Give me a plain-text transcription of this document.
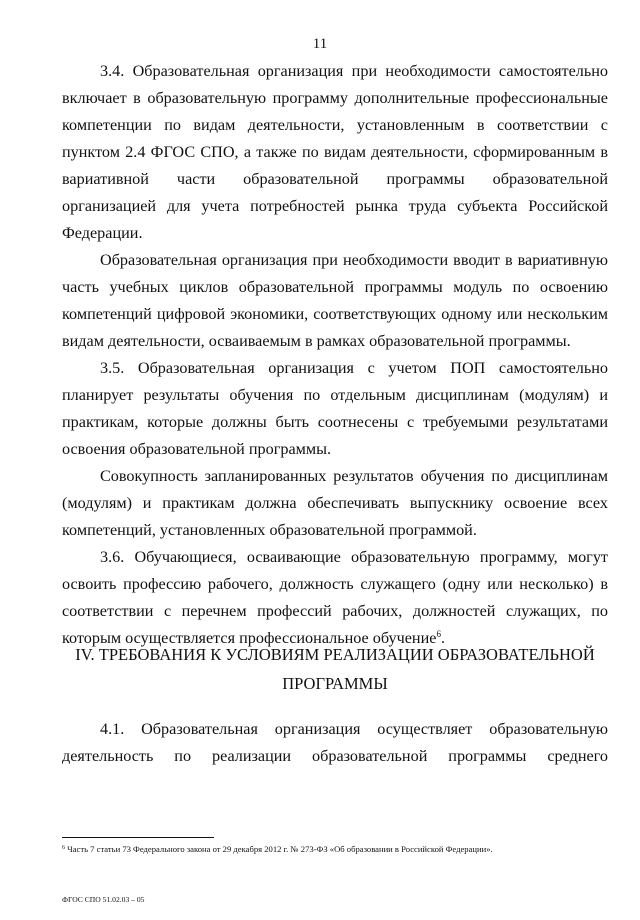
11

3.4. Образовательная организация при необходимости самостоятельно включает в образовательную программу дополнительные профессиональные компетенции по видам деятельности, установленным в соответствии с пунктом 2.4 ФГОС СПО, а также по видам деятельности, сформированным в вариативной части образовательной программы образовательной организацией для учета потребностей рынка труда субъекта Российской Федерации.

Образовательная организация при необходимости вводит в вариативную часть учебных циклов образовательной программы модуль по освоению компетенций цифровой экономики, соответствующих одному или нескольким видам деятельности, осваиваемым в рамках образовательной программы.

3.5. Образовательная организация с учетом ПОП самостоятельно планирует результаты обучения по отдельным дисциплинам (модулям) и практикам, которые должны быть соотнесены с требуемыми результатами освоения образовательной программы.

Совокупность запланированных результатов обучения по дисциплинам (модулям) и практикам должна обеспечивать выпускнику освоение всех компетенций, установленных образовательной программой.

3.6. Обучающиеся, осваивающие образовательную программу, могут освоить профессию рабочего, должность служащего (одну или несколько) в соответствии с перечнем профессий рабочих, должностей служащих, по которым осуществляется профессиональное обучение$^6$.

IV. ТРЕБОВАНИЯ К УСЛОВИЯМ РЕАЛИЗАЦИИ ОБРАЗОВАТЕЛЬНОЙ
ПРОГРАММЫ

4.1. Образовательная организация осуществляет образовательную деятельность по реализации образовательной программы среднего

$^6$ Часть 7 статьи 73 Федерального закона от 29 декабря 2012 г. № 273-ФЗ «Об образовании в Российской Федерации».
ФГОС СПО 51.02.03 – 05
